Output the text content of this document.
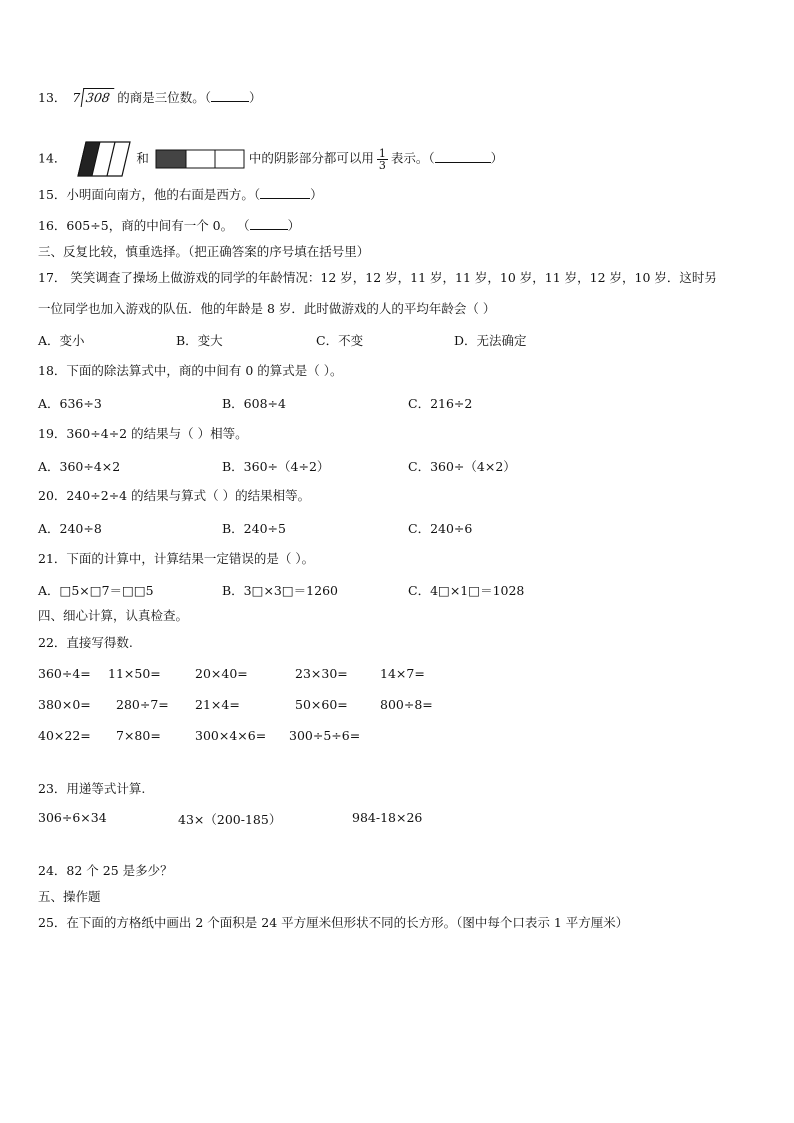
13． 7 308 的商是三位数。（	）
14．	和	中的阴影部分都可以用 $\frac{1}{3}$ 表示。（	）
15．小明面向南方，他的右面是西方。（	）
16．605÷5，商的中间有一个 0。 （	）
三、反复比较，慎重选择。（把正确答案的序号填在括号里）
17． 笑笑调查了操场上做游戏的同学的年龄情况：12 岁，12 岁，11 岁，11 岁，10 岁，11 岁，12 岁，10 岁．这时另
一位同学也加入游戏的队伍．他的年龄是 8 岁．此时做游戏的人的平均年龄会（ ）
A．变小	B．变大	C．不变	D．无法确定
18．下面的除法算式中，商的中间有 0 的算式是（ ）。
A．636÷3	B．608÷4	C．216÷2
19．360÷4÷2 的结果与（ ）相等。
A．360÷4×2	B．360÷（4÷2）	C．360÷（4×2）
20．240÷2÷4 的结果与算式（ ）的结果相等。
A．240÷8	B．240÷5	C．240÷6
21．下面的计算中，计算结果一定错误的是（ ）。
A．□5×□7＝□□5	B．3□×3□＝1260	C．4□×1□＝1028
四、细心计算，认真检查。
22．直接写得数.
360÷4= 11×50=	20×40=	23×30=	14×7=
380×0= 280÷7= 21×4=	50×60=	800÷8=
40×22= 7×80=	300×4×6= 300÷5÷6=
23．用递等式计算.
306÷6×34	43×（200-185）	984-18×26
24．82 个 25 是多少？
五、操作题
25．在下面的方格纸中画出 2 个面积是 24 平方厘米但形状不同的长方形。（图中每个口表示 1 平方厘米）
